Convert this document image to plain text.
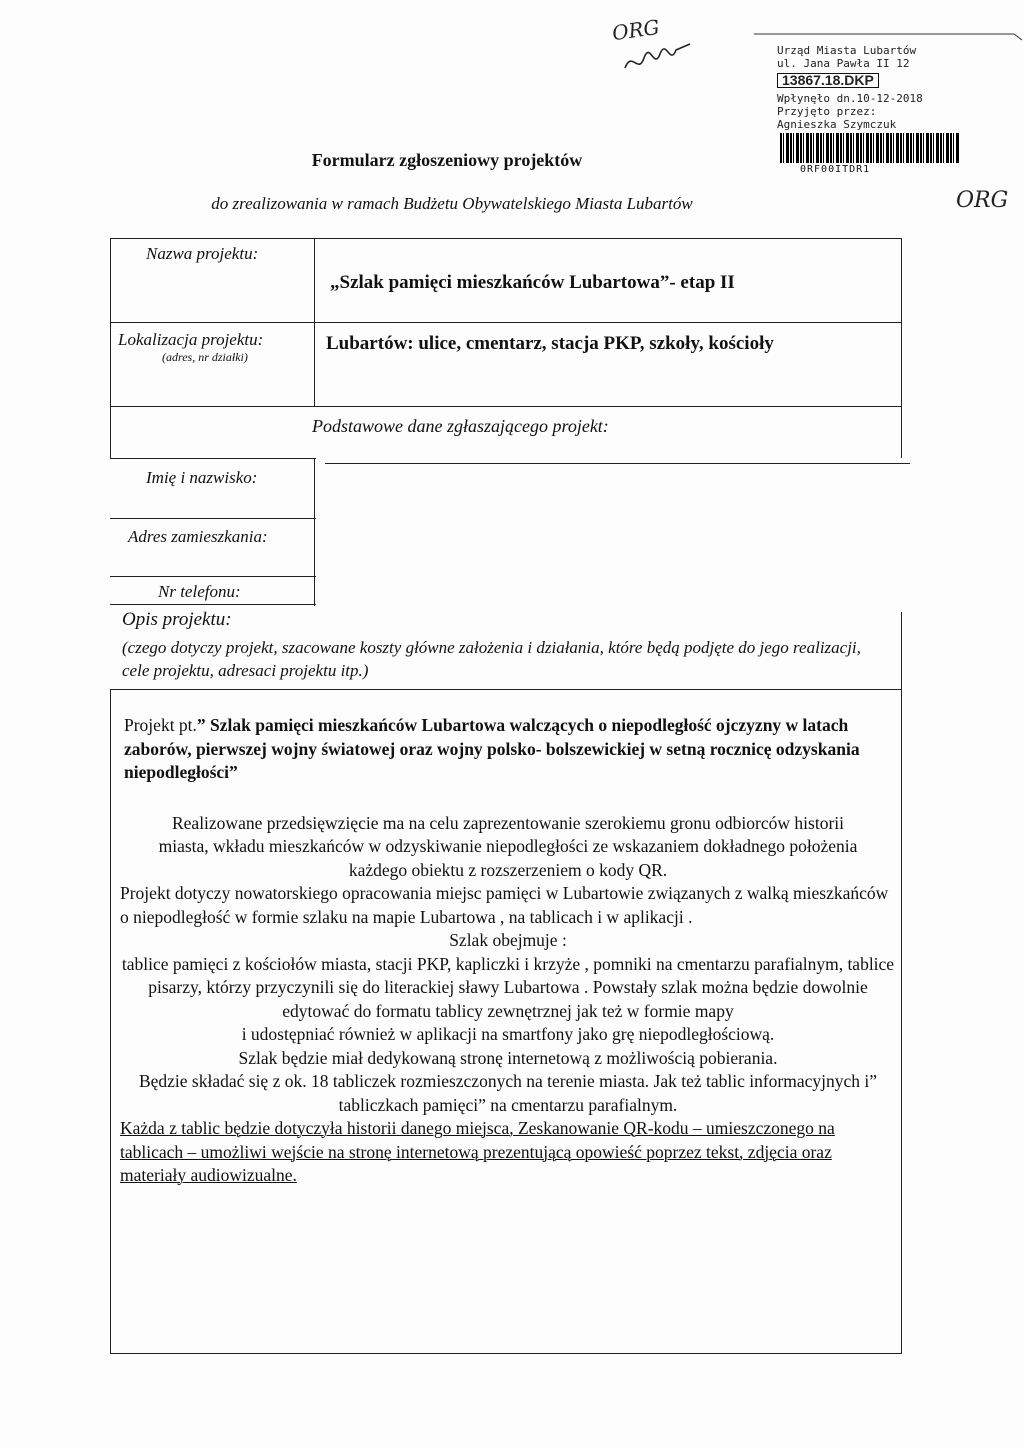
ORG
ORG
Urząd Miasta Lubartów
ul. Jana Pawła II 12
13867.18.DKP
Wpłynęło dn.10-12-2018
Przyjęto przez:
Agnieszka Szymczuk
0RF00ITDR1
Formularz zgłoszeniowy projektów
do zrealizowania w ramach Budżetu Obywatelskiego Miasta Lubartów
Nazwa projektu:
„Szlak pamięci mieszkańców Lubartowa”- etap II
Lokalizacja projektu:
(adres, nr działki)
Lubartów: ulice, cmentarz, stacja PKP, szkoły, kościoły
Podstawowe dane zgłaszającego projekt:
Imię i nazwisko:
Adres zamieszkania:
Nr telefonu:
Opis projektu:
(czego dotyczy projekt, szacowane koszty główne założenia i działania, które będą podjęte do jego realizacji, cele projektu, adresaci projektu itp.)

Projekt pt.” Szlak pamięci mieszkańców Lubartowa walczących o niepodległość ojczyzny w latach zaborów, pierwszej wojny światowej oraz wojny polsko- bolszewickiej w setną rocznicę odzyskania niepodległości”

Realizowane przedsięwzięcie ma na celu zaprezentowanie szerokiemu gronu odbiorców historii miasta, wkładu mieszkańców w odzyskiwanie niepodległości ze wskazaniem dokładnego położenia każdego obiektu z rozszerzeniem o kody QR.

Projekt dotyczy nowatorskiego opracowania miejsc pamięci w Lubartowie związanych z walką mieszkańców o niepodległość w formie szlaku na mapie Lubartowa , na tablicach i w aplikacji .

Szlak obejmuje :

tablice pamięci z kościołów miasta, stacji PKP, kapliczki i krzyże , pomniki na cmentarzu parafialnym, tablice pisarzy, którzy przyczynili się do literackiej sławy Lubartowa . Powstały szlak można będzie dowolnie edytować do formatu tablicy zewnętrznej jak też w formie mapy

i udostępniać również w aplikacji na smartfony jako grę niepodległościową.

Szlak będzie miał dedykowaną stronę internetową z możliwością pobierania.

Będzie składać się z ok. 18 tabliczek rozmieszczonych na terenie miasta. Jak też tablic informacyjnych i” tabliczkach pamięci” na cmentarzu parafialnym.

Każda z tablic będzie dotyczyła historii danego miejsca, Zeskanowanie QR-kodu – umieszczonego na tablicach – umożliwi wejście na stronę internetową prezentującą opowieść poprzez tekst, zdjęcia oraz materiały audiowizualne.
